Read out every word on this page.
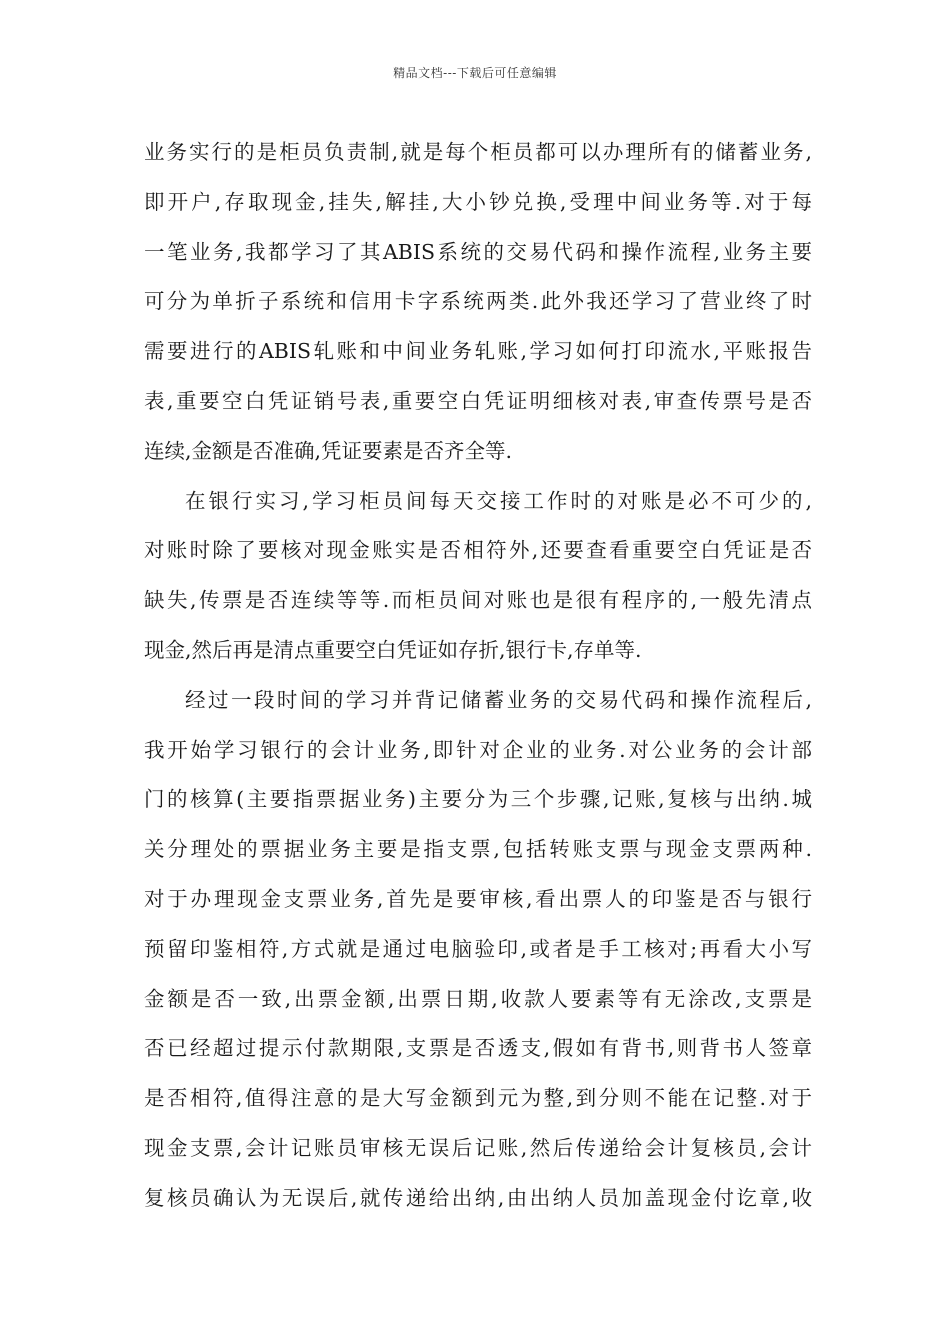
精品文档---下载后可任意编辑
业务实行的是柜员负责制,就是每个柜员都可以办理所有的储蓄业务,
即开户,存取现金,挂失,解挂,大小钞兑换,受理中间业务等.对于每
一笔业务,我都学习了其ABIS系统的交易代码和操作流程,业务主要
可分为单折子系统和信用卡字系统两类.此外我还学习了营业终了时
需要进行的ABIS轧账和中间业务轧账,学习如何打印流水,平账报告
表,重要空白凭证销号表,重要空白凭证明细核对表,审查传票号是否
连续,金额是否准确,凭证要素是否齐全等.
在银行实习,学习柜员间每天交接工作时的对账是必不可少的,
对账时除了要核对现金账实是否相符外,还要查看重要空白凭证是否
缺失,传票是否连续等等.而柜员间对账也是很有程序的,一般先清点
现金,然后再是清点重要空白凭证如存折,银行卡,存单等.
经过一段时间的学习并背记储蓄业务的交易代码和操作流程后,
我开始学习银行的会计业务,即针对企业的业务.对公业务的会计部
门的核算(主要指票据业务)主要分为三个步骤,记账,复核与出纳.城
关分理处的票据业务主要是指支票,包括转账支票与现金支票两种.
对于办理现金支票业务,首先是要审核,看出票人的印鉴是否与银行
预留印鉴相符,方式就是通过电脑验印,或者是手工核对;再看大小写
金额是否一致,出票金额,出票日期,收款人要素等有无涂改,支票是
否已经超过提示付款期限,支票是否透支,假如有背书,则背书人签章
是否相符,值得注意的是大写金额到元为整,到分则不能在记整.对于
现金支票,会计记账员审核无误后记账,然后传递给会计复核员,会计
复核员确认为无误后,就传递给出纳,由出纳人员加盖现金付讫章,收
